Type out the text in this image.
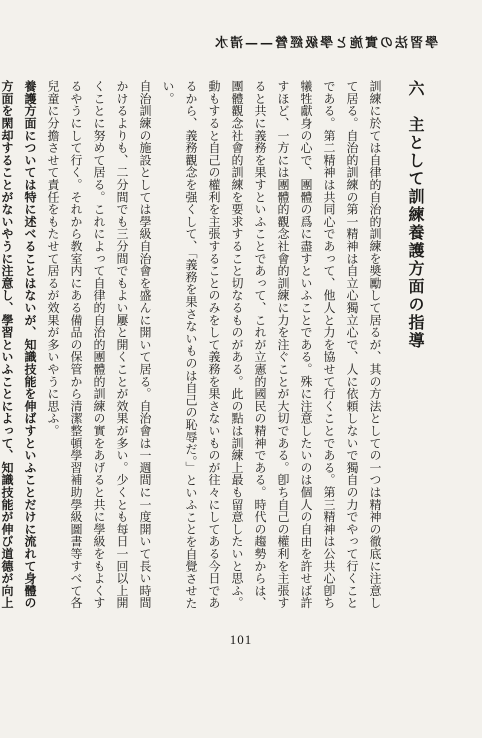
學習法の實施と學級經營——清水
六　主として訓練養護方面の指導

訓練に於ては自律的自治的訓練を奬勵して居るが、其の方法としての一つは精神の徹底に注意して居る。自治的訓練の第一精神は自立心獨立心で、人に依頼しないで獨自の力でやって行くことである。第二精神は共同心であって、他人と力を協せて行くことである。第三精神は公共心卽ち犧牲獻身の心で、團體の爲に盡すといふことである。殊に注意したいのは個人の自由を許せば許すほど、一方には團體的觀念社會的訓練に力を注ぐことが大切である。卽ち自己の權利を主張すると共に義務を果すといふことであって、これが立憲的國民の精神である。時代の趨勢からは、團體觀念社會的訓練を要求すること切なるものがある。此の點は訓練上最も留意したいと思ふ。動もすると自己の權利を主張することのみをして義務を果さないものが往々にしてある今日であるから、義務觀念を强くして、「義務を果さないものは自己の恥辱だ。」といふことを自覺させたい。

自治訓練の施設としては學級自治會を盛んに開いて居る。自治會は一週間に一度開いて長い時間かけるよりも、二分間でも三分間でもよい屢と開くことが效果が多い。少くとも每日一回以上開くことに努めて居る。これによって自律的自治的團體的訓練の實をあげると共に學級をもよくするやうにして行く。それから教室内にある備品の保管から清潔整頓學習補助學級圖書等すべて各兒童に分擔させて責任をもたせて居るが效果が多いやうに思ふ。

養護方面については特に述べることはないが、知識技能を伸ばすといふことだけに流れて身體の方面を閑却することがないやうに注意し、學習といふことによって、知識技能が伸び道德が向上

101
